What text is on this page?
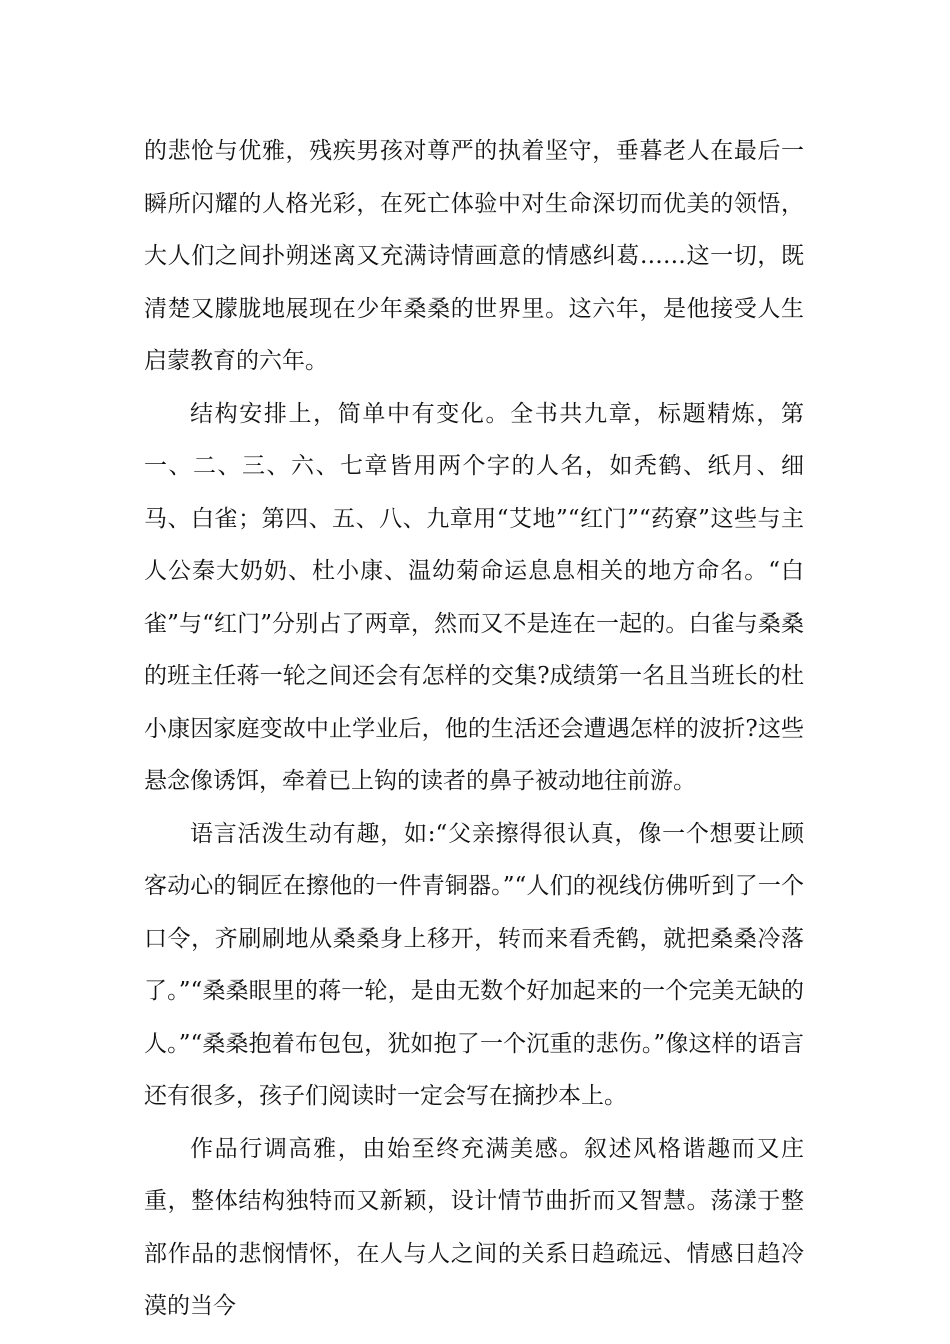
的悲怆与优雅，残疾男孩对尊严的执着坚守，垂暮老人在最后一瞬所闪耀的人格光彩，在死亡体验中对生命深切而优美的领悟，大人们之间扑朔迷离又充满诗情画意的情感纠葛……这一切，既清楚又朦胧地展现在少年桑桑的世界里。这六年，是他接受人生启蒙教育的六年。

结构安排上，简单中有变化。全书共九章，标题精炼，第一、二、三、六、七章皆用两个字的人名，如秃鹤、纸月、细马、白雀；第四、五、八、九章用“艾地”“红门”“药寮”这些与主人公秦大奶奶、杜小康、温幼菊命运息息相关的地方命名。“白雀”与“红门”分别占了两章，然而又不是连在一起的。白雀与桑桑的班主任蒋一轮之间还会有怎样的交集?成绩第一名且当班长的杜小康因家庭变故中止学业后，他的生活还会遭遇怎样的波折?这些悬念像诱饵，牵着已上钩的读者的鼻子被动地往前游。

语言活泼生动有趣，如:“父亲擦得很认真，像一个想要让顾客动心的铜匠在擦他的一件青铜器。”“人们的视线仿佛听到了一个口令，齐刷刷地从桑桑身上移开，转而来看秃鹤，就把桑桑冷落了。”“桑桑眼里的蒋一轮，是由无数个好加起来的一个完美无缺的人。”“桑桑抱着布包包，犹如抱了一个沉重的悲伤。”像这样的语言还有很多，孩子们阅读时一定会写在摘抄本上。

作品行调高雅，由始至终充满美感。叙述风格谐趣而又庄重，整体结构独特而又新颖，设计情节曲折而又智慧。荡漾于整部作品的悲悯情怀，在人与人之间的关系日趋疏远、情感日趋冷漠的当今
